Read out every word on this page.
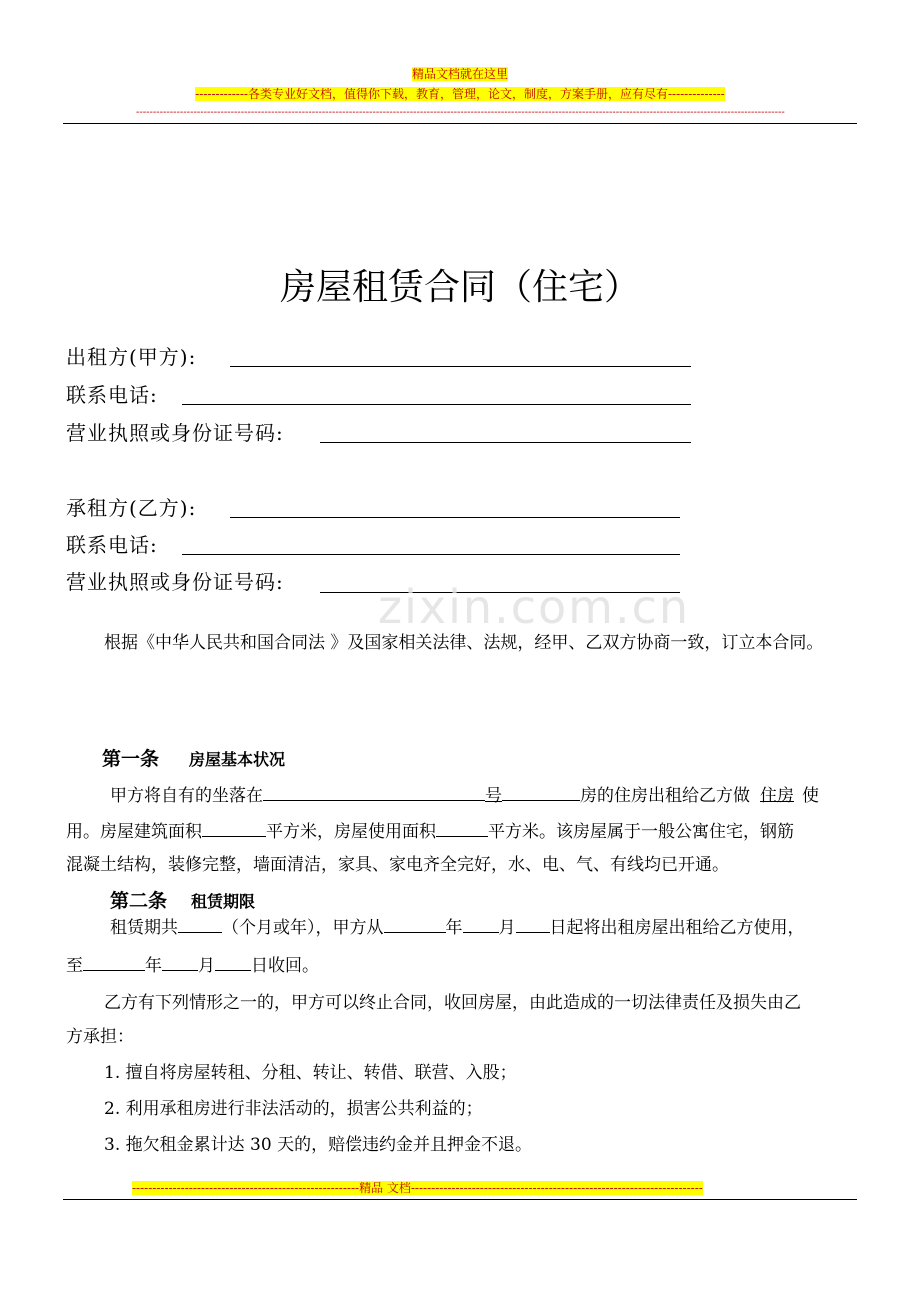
精品文档就在这里
-------------各类专业好文档，值得你下载，教育，管理，论文，制度，方案手册，应有尽有--------------
------------------------------------------------------------------------------------------------------------------------------------------------------------------------------------------------
房屋租赁合同（住宅）
出租方(甲方):
联系电话:
营业执照或身份证号码:
承租方(乙方):
联系电话:
营业执照或身份证号码: zixin.com.cn
根据《中华人民共和国合同法 》及国家相关法律、法规，经甲、乙双方协商一致，订立本合同。
第一条 房屋基本状况
甲方将自有的坐落在	号	房的住房出租给乙方做 住房 使
用。房屋建筑面积	平方米，房屋使用面积	平方米。该房屋属于一般公寓住宅，钢筋
混凝土结构，装修完整，墙面清洁，家具、家电齐全完好，水、电、气、有线均已开通。
第二条 租赁期限
租赁期共	（个月或年），甲方从	年 月 日起将出租房屋出租给乙方使用，
至	年 月 日收回。
乙方有下列情形之一的，甲方可以终止合同，收回房屋，由此造成的一切法律责任及损失由乙
方承担：
1. 擅自将房屋转租、分租、转让、转借、联营、入股；
2. 利用承租房进行非法活动的，损害公共利益的；
3. 拖欠租金累计达 30 天的，赔偿违约金并且押金不退。
--------------------------------------------------------精品 文档------------------------------------------------------------------------
